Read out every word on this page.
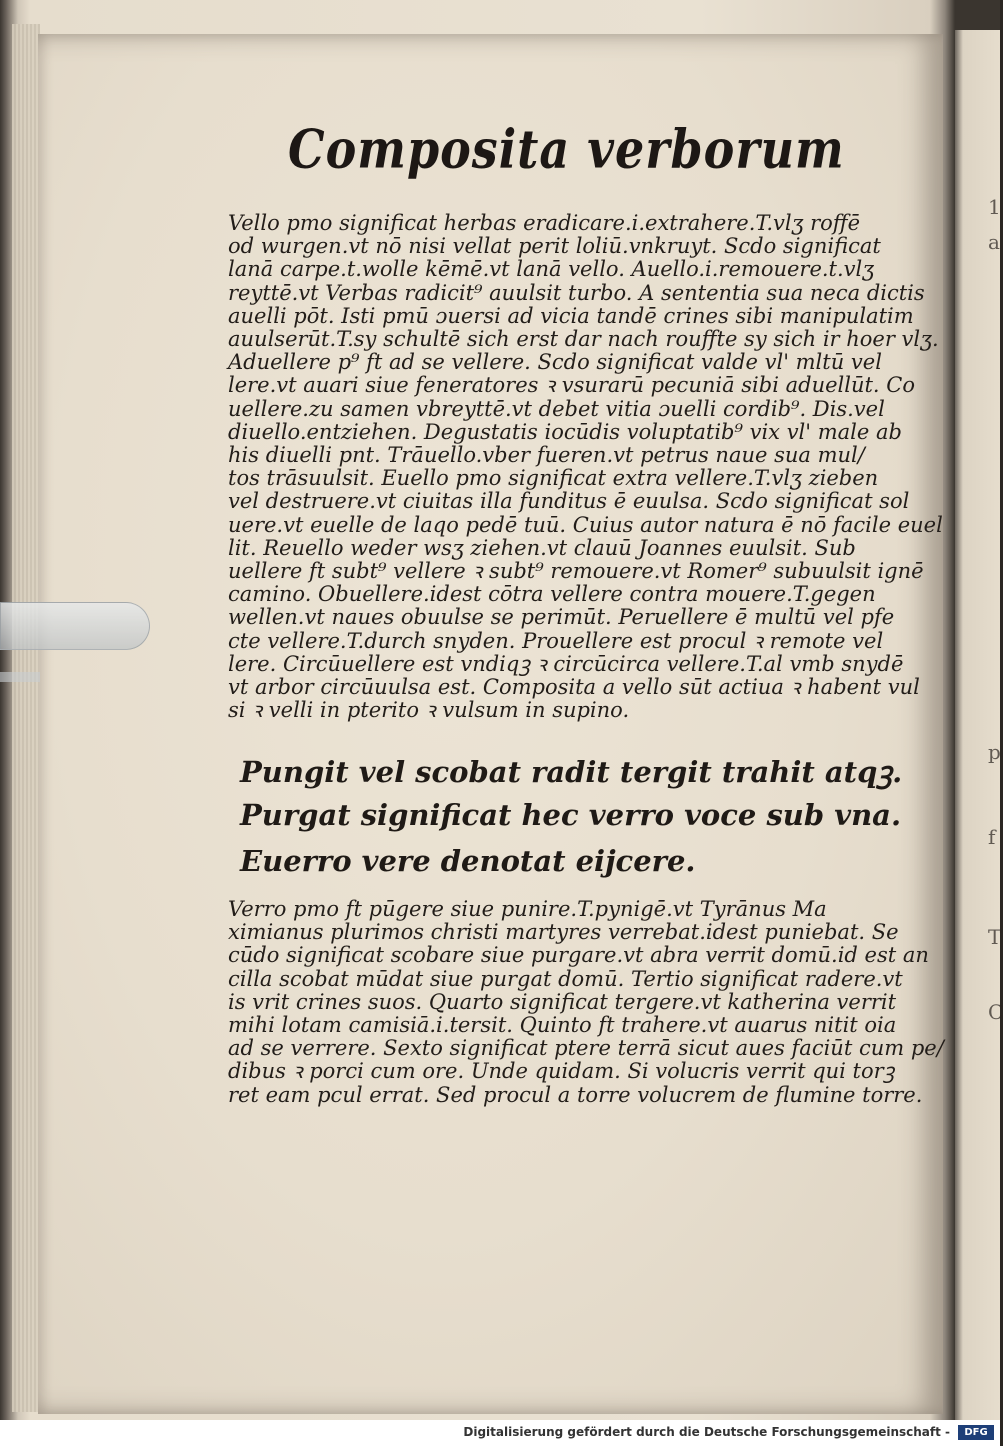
1
a
p
f
T
C
Composita verborum
Vello pmo significat herbas eradicare.i.extrahere.T.vlʒ roffē
od wurgen.vt nō nisi vellat perit loliū.vnkruyt. Scdo significat
lanā carpe.t.wolle kēmē.vt lanā vello. Auello.i.remouere.t.vlʒ
reyttē.vt Verbas radicit⁹ auulsit turbo. A sententia sua neca dictis
auelli pōt. Isti pmū ɔuersi ad vicia tandē crines sibi manipulatim
auulserūt.T.sy schultē sich erst dar nach rouffte sy sich ir hoer vlʒ.
Aduellere p⁹ ft ad se vellere. Scdo significat valde vl' mltū vel
lere.vt auari siue feneratores ꝛ vsurarū pecuniā sibi aduellūt. Co
uellere.zu samen vbreyttē.vt debet vitia ɔuelli cordib⁹. Dis.vel
diuello.entziehen. Degustatis iocūdis voluptatib⁹ vix vl' male ab
his diuelli pnt. Trāuello.vber fueren.vt petrus naue sua mul/
tos trāsuulsit. Euello pmo significat extra vellere.T.vlʒ zieben
vel destruere.vt ciuitas illa funditus ē euulsa. Scdo significat sol
uere.vt euelle de laqo pedē tuū. Cuius autor natura ē nō facile euel
lit. Reuello weder wsʒ ziehen.vt clauū Joannes euulsit. Sub
uellere ft subt⁹ vellere ꝛ subt⁹ remouere.vt Romer⁹ subuulsit ignē
camino. Obuellere.idest cōtra vellere contra mouere.T.gegen
wellen.vt naues obuulse se perimūt. Peruellere ē multū vel pfe
cte vellere.T.durch snyden. Prouellere est procul ꝛ remote vel
lere. Circūuellere est vndiqꝫ ꝛ circūcirca vellere.T.al vmb snydē
vt arbor circūuulsa est. Composita a vello sūt actiua ꝛ habent vul
si ꝛ velli in pterito ꝛ vulsum in supino.
Pungit vel scobat radit tergit trahit atqꝫ.
Purgat significat hec verro voce sub vna.
Euerro vere denotat eijcere.
Verro pmo ft pūgere siue punire.T.pynigē.vt Tyrānus Ma
ximianus plurimos christi martyres verrebat.idest puniebat. Se
cūdo significat scobare siue purgare.vt abra verrit domū.id est an
cilla scobat mūdat siue purgat domū. Tertio significat radere.vt
is vrit crines suos. Quarto significat tergere.vt katherina verrit
mihi lotam camisiā.i.tersit. Quinto ft trahere.vt auarus nitit oia
ad se verrere. Sexto significat ptere terrā sicut aues faciūt cum pe/
dibus ꝛ porci cum ore. Unde quidam. Si volucris verrit qui torꝫ
ret eam pcul errat. Sed procul a torre volucrem de flumine torre.
Digitalisierung gefördert durch die Deutsche Forschungsgemeinschaft -	DFG
